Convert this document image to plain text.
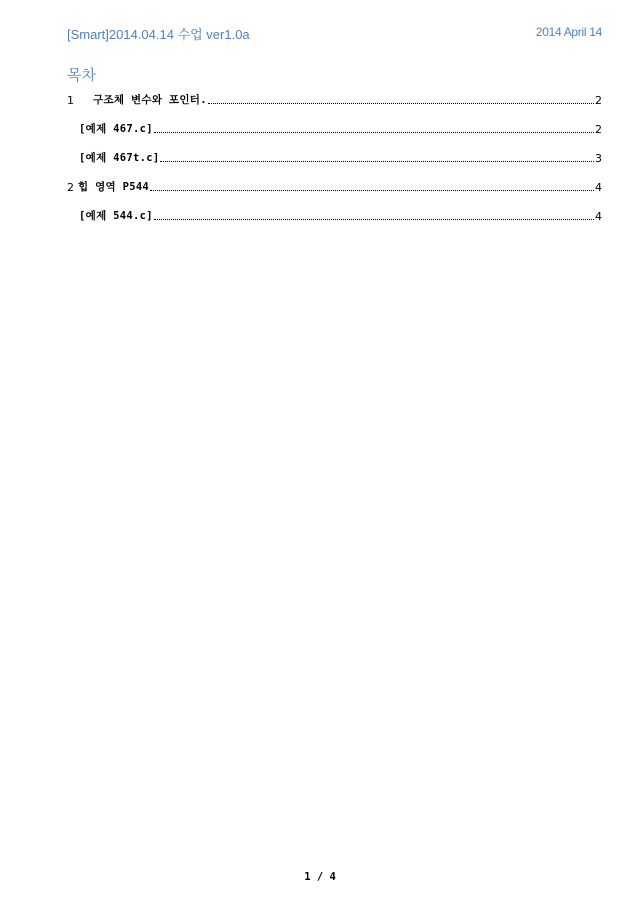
[Smart]2014.04.14 수업 ver1.0a	2014 April 14
목차
1	구조체 변수와 포인터.	2
[예제 467.c]	2
[예제 467t.c]	3
2 힙 영역 P544	4
[예제 544.c]	4
1 / 4
